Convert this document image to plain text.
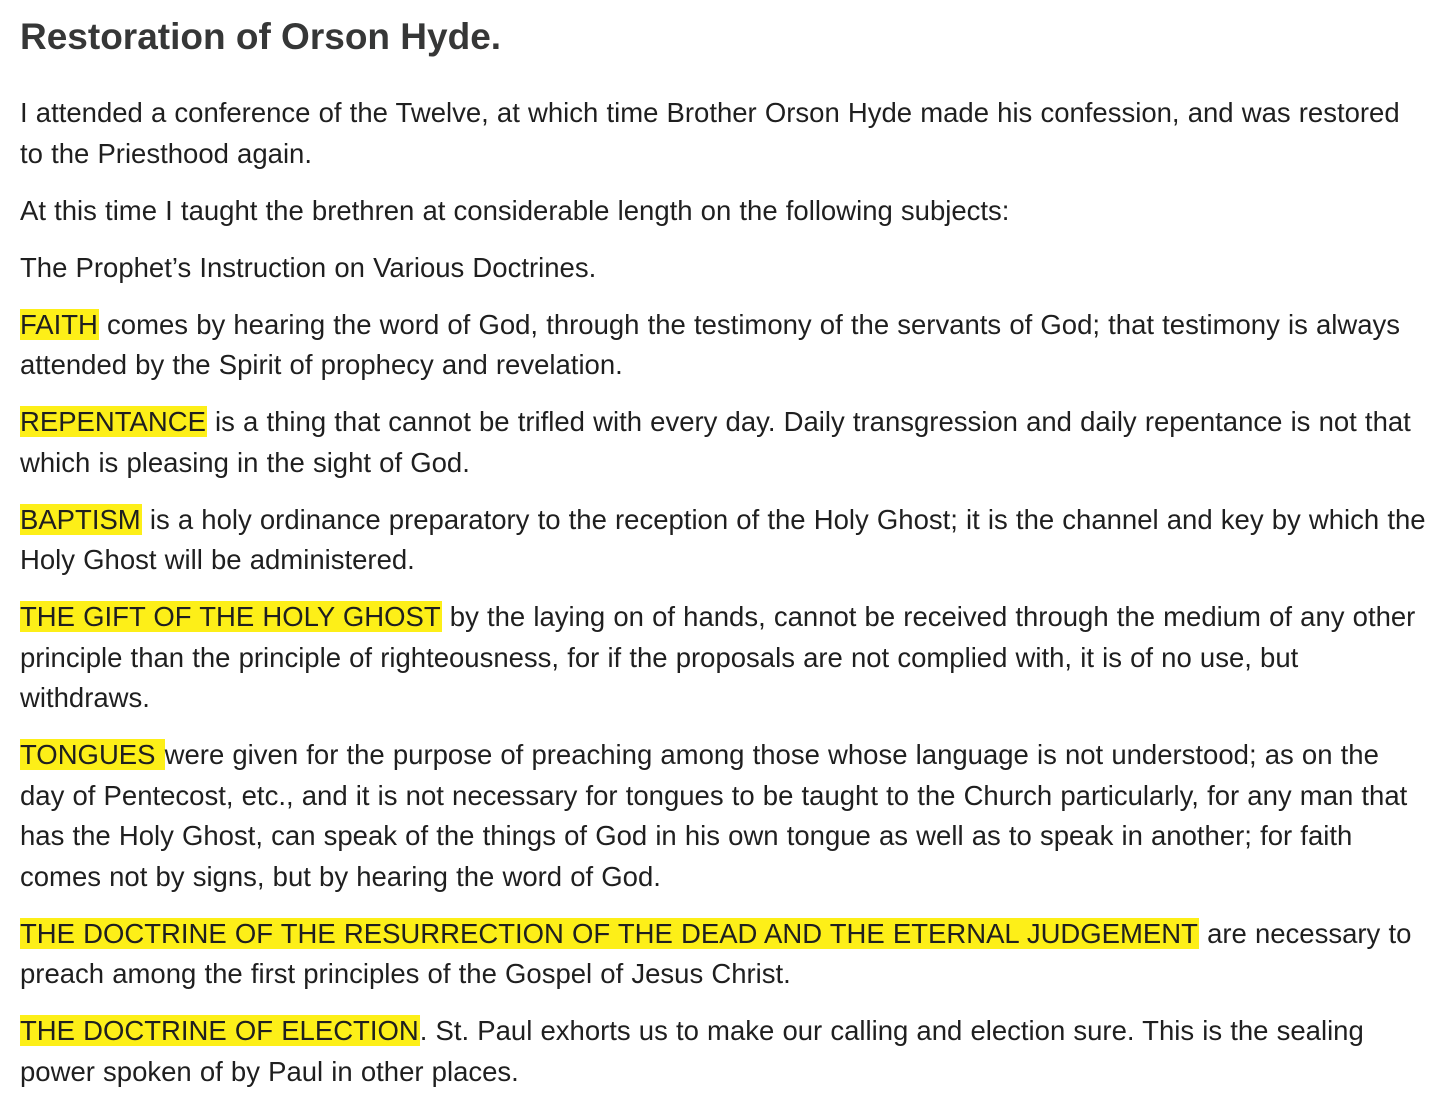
Restoration of Orson Hyde.

I attended a conference of the Twelve, at which time Brother Orson Hyde made his confession, and was restored to the Priesthood again.

At this time I taught the brethren at considerable length on the following subjects:

The Prophet’s Instruction on Various Doctrines.

FAITH comes by hearing the word of God, through the testimony of the servants of God; that testimony is always attended by the Spirit of prophecy and revelation.

REPENTANCE is a thing that cannot be trifled with every day. Daily transgression and daily repentance is not that which is pleasing in the sight of God.

BAPTISM is a holy ordinance preparatory to the reception of the Holy Ghost; it is the channel and key by which the Holy Ghost will be administered.

THE GIFT OF THE HOLY GHOST by the laying on of hands, cannot be received through the medium of any other principle than the principle of righteousness, for if the proposals are not complied with, it is of no use, but withdraws.

TONGUES were given for the purpose of preaching among those whose language is not understood; as on the day of Pentecost, etc., and it is not necessary for tongues to be taught to the Church particularly, for any man that has the Holy Ghost, can speak of the things of God in his own tongue as well as to speak in another; for faith comes not by signs, but by hearing the word of God.

THE DOCTRINE OF THE RESURRECTION OF THE DEAD AND THE ETERNAL JUDGEMENT are necessary to preach among the first principles of the Gospel of Jesus Christ.

THE DOCTRINE OF ELECTION. St. Paul exhorts us to make our calling and election sure. This is the sealing power spoken of by Paul in other places.
